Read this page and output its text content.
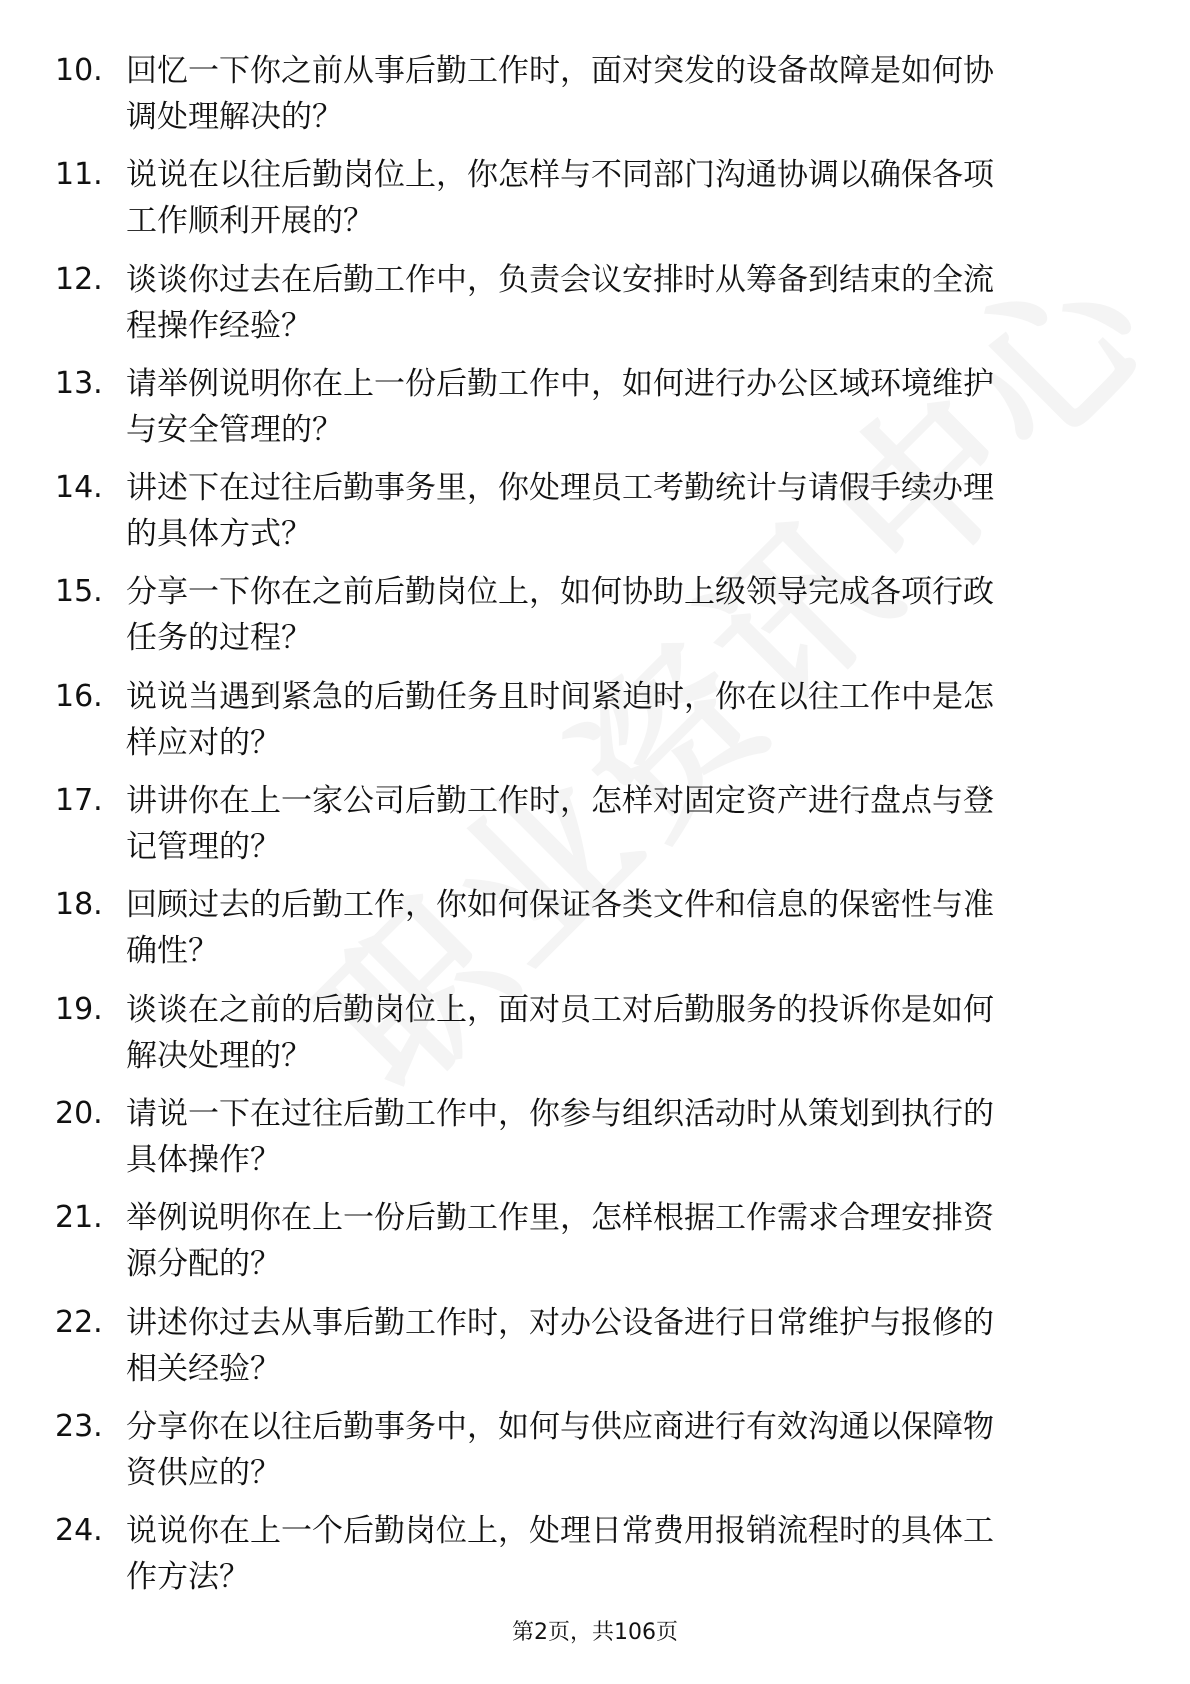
10. 回忆一下你之前从事后勤工作时，面对突发的设备故障是如何协
调处理解决的？
11. 说说在以往后勤岗位上，你怎样与不同部门沟通协调以确保各项
工作顺利开展的？
12. 谈谈你过去在后勤工作中，负责会议安排时从筹备到结束的全流
程操作经验？
13. 请举例说明你在上一份后勤工作中，如何进行办公区域环境维护
与安全管理的？
14. 讲述下在过往后勤事务里，你处理员工考勤统计与请假手续办理
的具体方式？
15. 分享一下你在之前后勤岗位上，如何协助上级领导完成各项行政
任务的过程？
16. 说说当遇到紧急的后勤任务且时间紧迫时，你在以往工作中是怎
样应对的？
17. 讲讲你在上一家公司后勤工作时，怎样对固定资产进行盘点与登
记管理的？
18. 回顾过去的后勤工作，你如何保证各类文件和信息的保密性与准
确性？
19. 谈谈在之前的后勤岗位上，面对员工对后勤服务的投诉你是如何
解决处理的？
20. 请说一下在过往后勤工作中，你参与组织活动时从策划到执行的
具体操作？
21. 举例说明你在上一份后勤工作里，怎样根据工作需求合理安排资
源分配的？
22. 讲述你过去从事后勤工作时，对办公设备进行日常维护与报修的
相关经验？
23. 分享你在以往后勤事务中，如何与供应商进行有效沟通以保障物
资供应的？
24. 说说你在上一个后勤岗位上，处理日常费用报销流程时的具体工
作方法？
第2页，共106页
